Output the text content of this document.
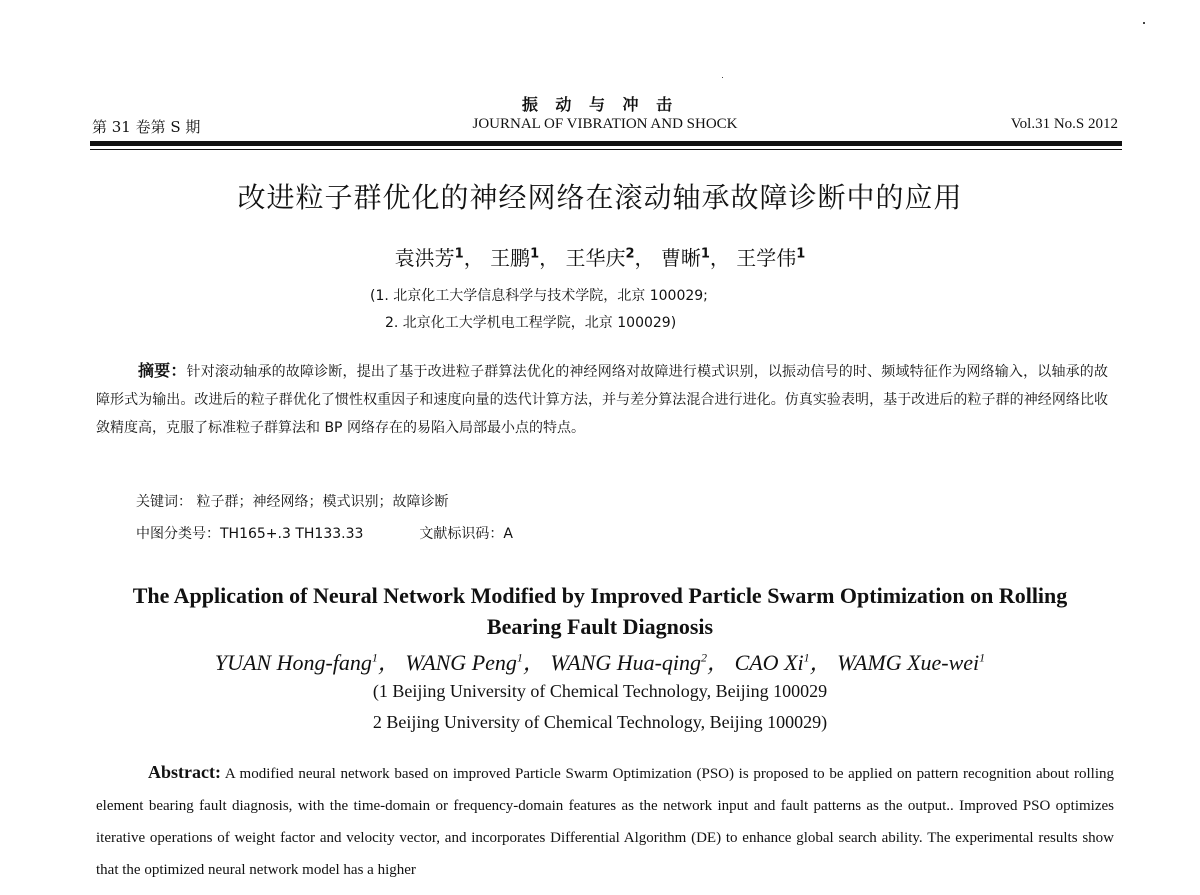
振 动 与 冲 击
第 31 卷第 S 期	JOURNAL OF VIBRATION AND SHOCK	Vol.31 No.S 2012
改进粒子群优化的神经网络在滚动轴承故障诊断中的应用
袁洪芳$^1$， 王鹏$^1$， 王华庆$^2$， 曹晰$^1$， 王学伟$^1$
(1. 北京化工大学信息科学与技术学院，北京 100029;
2. 北京化工大学机电工程学院，北京 100029)
摘要：针对滚动轴承的故障诊断，提出了基于改进粒子群算法优化的神经网络对故障进行模式识别，以振动信号的时、频域特征作为网络输入，以轴承的故障形式为输出。改进后的粒子群优化了惯性权重因子和速度向量的迭代计算方法，并与差分算法混合进行进化。仿真实验表明，基于改进后的粒子群的神经网络比收敛精度高，克服了标准粒子群算法和 BP 网络存在的易陷入局部最小点的特点。
关键词： 粒子群；神经网络；模式识别；故障诊断
中图分类号：TH165+.3 TH133.33	文献标识码：A
The Application of Neural Network Modified by Improved Particle Swarm Optimization on Rolling Bearing Fault Diagnosis
YUAN Hong-fang$^1$， WANG Peng$^1$， WANG Hua-qing$^2$， CAO Xi$^1$， WAMG Xue-wei$^1$
(1 Beijing University of Chemical Technology, Beijing 100029
2 Beijing University of Chemical Technology, Beijing 100029)
Abstract: A modified neural network based on improved Particle Swarm Optimization (PSO) is proposed to be applied on pattern recognition about rolling element bearing fault diagnosis, with the time-domain or frequency-domain features as the network input and fault patterns as the output.. Improved PSO optimizes iterative operations of weight factor and velocity vector, and incorporates Differential Algorithm (DE) to enhance global search ability. The experimental results show that the optimized neural network model has a higher
